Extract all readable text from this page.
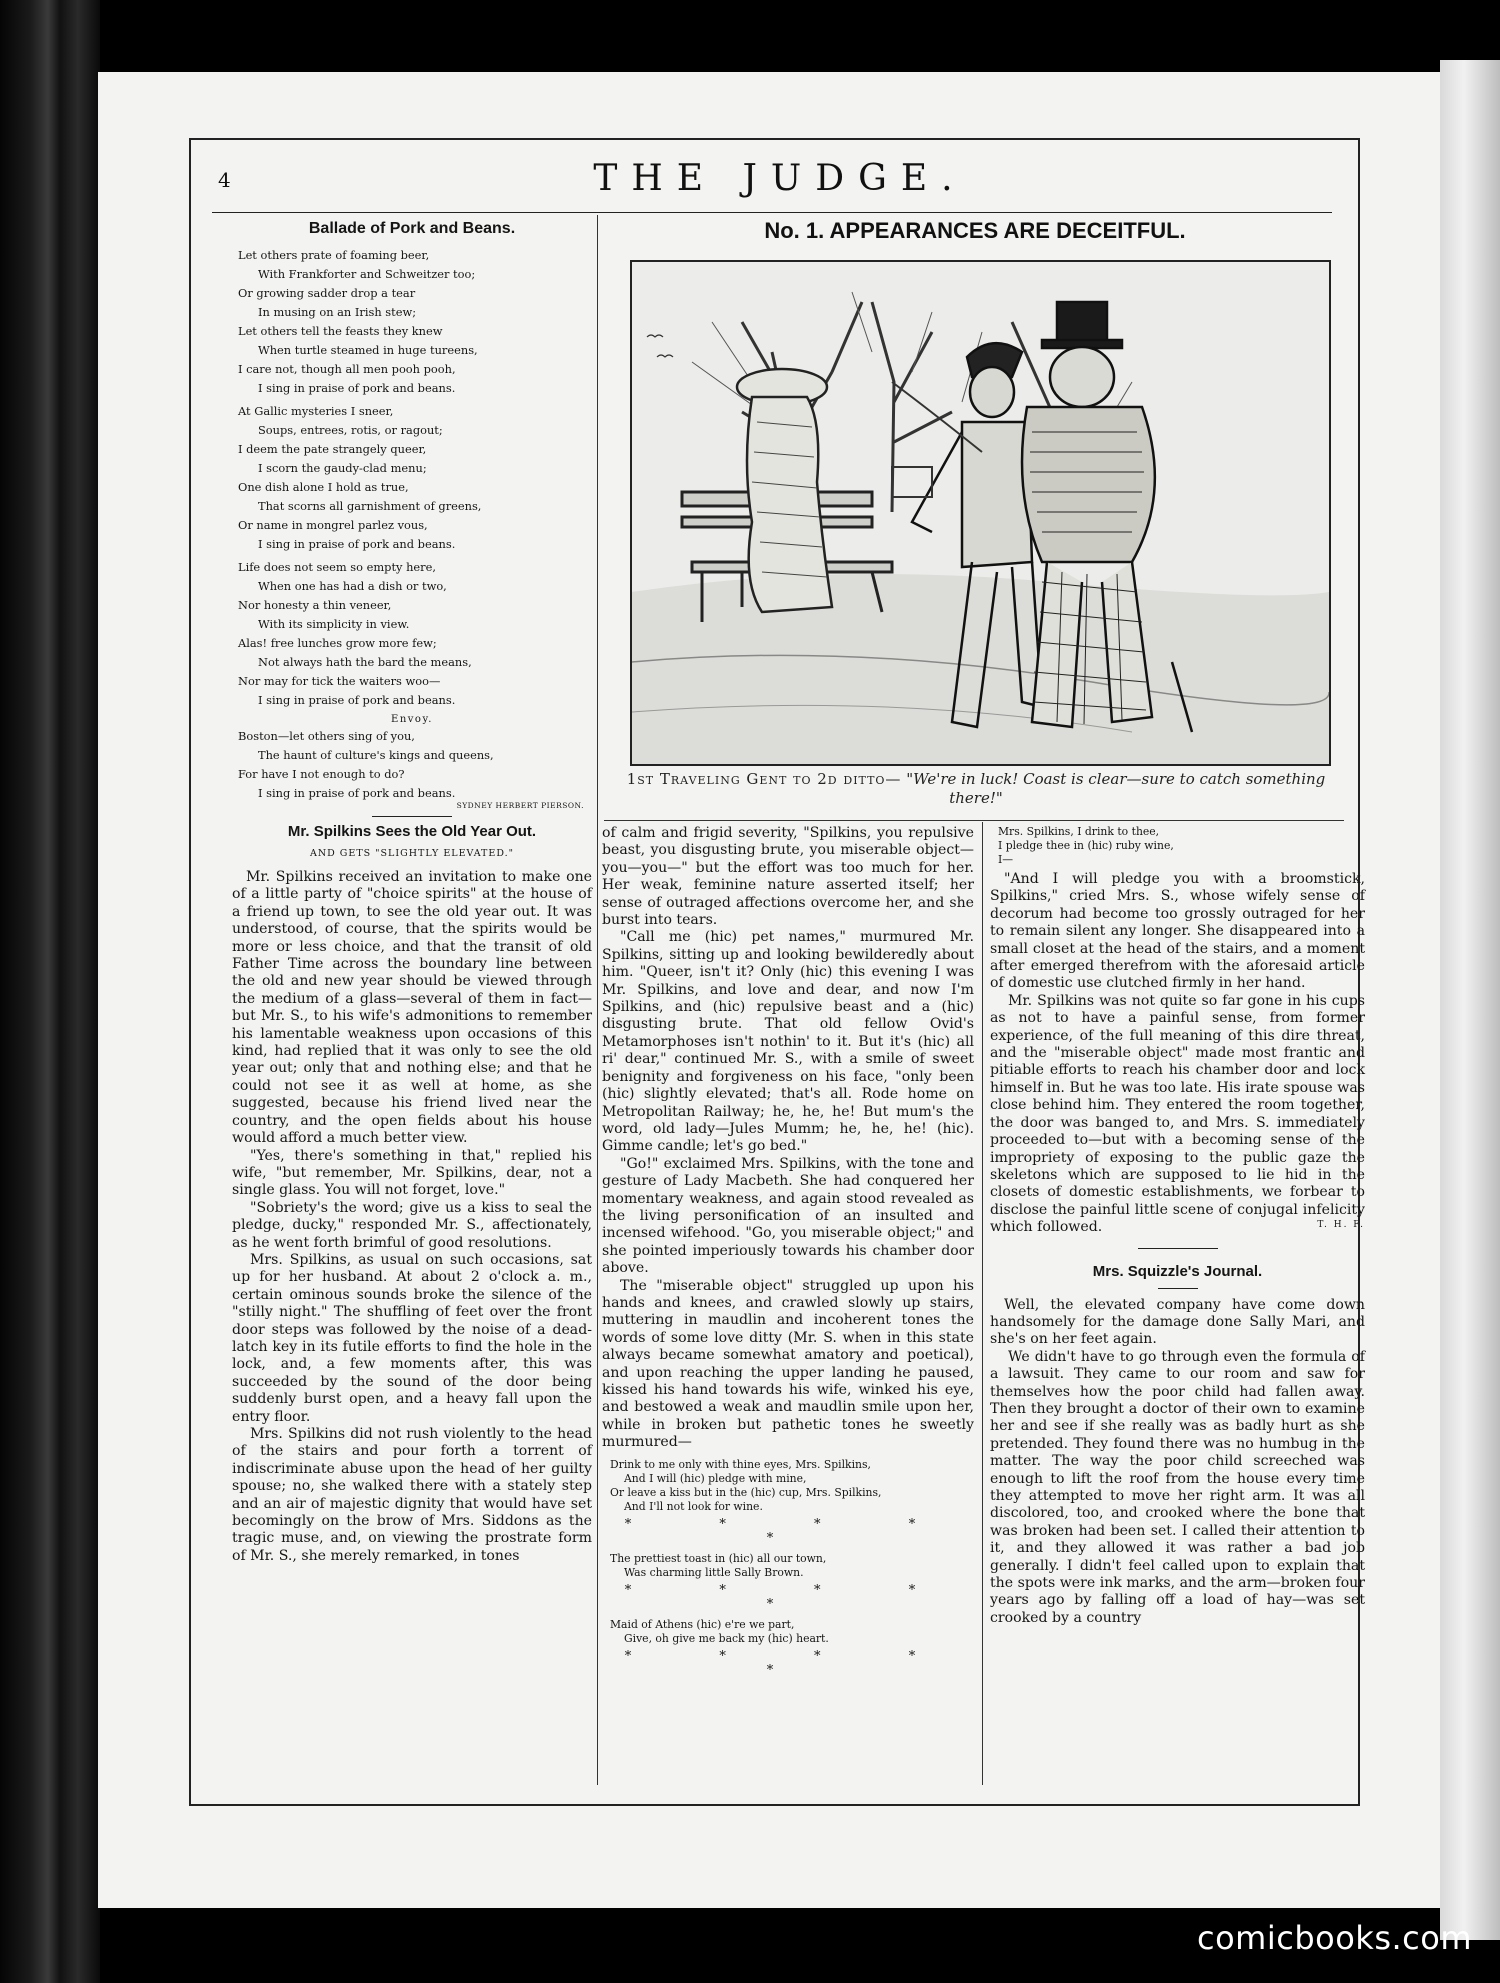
4	THE JUDGE.
Ballade of Pork and Beans.
Let others prate of foaming beer,
With Frankforter and Schweitzer too;
Or growing sadder drop a tear
In musing on an Irish stew;
Let others tell the feasts they knew
When turtle steamed in huge tureens,
I care not, though all men pooh pooh,
I sing in praise of pork and beans.
At Gallic mysteries I sneer,
Soups, entrees, rotis, or ragout;
I deem the pate strangely queer,
I scorn the gaudy-clad menu;
One dish alone I hold as true,
That scorns all garnishment of greens,
Or name in mongrel parlez vous,
I sing in praise of pork and beans.
Life does not seem so empty here,
When one has had a dish or two,
Nor honesty a thin veneer,
With its simplicity in view.
Alas! free lunches grow more few;
Not always hath the bard the means,
Nor may for tick the waiters woo—
I sing in praise of pork and beans.
Envoy.
Boston—let others sing of you,
The haunt of culture's kings and queens,
For have I not enough to do?
I sing in praise of pork and beans.
SYDNEY HERBERT PIERSON.
Mr. Spilkins Sees the Old Year Out.
AND GETS "SLIGHTLY ELEVATED."

Mr. Spilkins received an invitation to make one of a little party of "choice spirits" at the house of a friend up town, to see the old year out. It was understood, of course, that the spirits would be more or less choice, and that the transit of old Father Time across the boundary line between the old and new year should be viewed through the medium of a glass—several of them in fact—but Mr. S., to his wife's admonitions to remember his lamentable weakness upon occasions of this kind, had replied that it was only to see the old year out; only that and nothing else; and that he could not see it as well at home, as she suggested, because his friend lived near the country, and the open fields about his house would afford a much better view.

"Yes, there's something in that," replied his wife, "but remember, Mr. Spilkins, dear, not a single glass. You will not forget, love."

"Sobriety's the word; give us a kiss to seal the pledge, ducky," responded Mr. S., affectionately, as he went forth brimful of good resolutions.

Mrs. Spilkins, as usual on such occasions, sat up for her husband. At about 2 o'clock a. m., certain ominous sounds broke the silence of the "stilly night." The shuffling of feet over the front door steps was followed by the noise of a dead-latch key in its futile efforts to find the hole in the lock, and, a few moments after, this was succeeded by the sound of the door being suddenly burst open, and a heavy fall upon the entry floor.

Mrs. Spilkins did not rush violently to the head of the stairs and pour forth a torrent of indiscriminate abuse upon the head of her guilty spouse; no, she walked there with a stately step and an air of majestic dignity that would have set becomingly on the brow of Mrs. Siddons as the tragic muse, and, on viewing the prostrate form of Mr. S., she merely remarked, in tones

No. 1. APPEARANCES ARE DECEITFUL.
1st Traveling Gent to 2d ditto— "We're in luck! Coast is clear—sure to catch something there!"

of calm and frigid severity, "Spilkins, you repulsive beast, you disgusting brute, you miserable object—you—you—" but the effort was too much for her. Her weak, feminine nature asserted itself; her sense of outraged affections overcome her, and she burst into tears.

"Call me (hic) pet names," murmured Mr. Spilkins, sitting up and looking bewilderedly about him. "Queer, isn't it? Only (hic) this evening I was Mr. Spilkins, and love and dear, and now I'm Spilkins, and (hic) repulsive beast and a (hic) disgusting brute. That old fellow Ovid's Metamorphoses isn't nothin' to it. But it's (hic) all ri' dear," continued Mr. S., with a smile of sweet benignity and forgiveness on his face, "only been (hic) slightly elevated; that's all. Rode home on Metropolitan Railway; he, he, he! But mum's the word, old lady—Jules Mumm; he, he, he! (hic). Gimme candle; let's go bed."

"Go!" exclaimed Mrs. Spilkins, with the tone and gesture of Lady Macbeth. She had conquered her momentary weakness, and again stood revealed as the living personification of an insulted and incensed wifehood. "Go, you miserable object;" and she pointed imperiously towards his chamber door above.

The "miserable object" struggled up upon his hands and knees, and crawled slowly up stairs, muttering in maudlin and incoherent tones the words of some love ditty (Mr. S. when in this state always became somewhat amatory and poetical), and upon reaching the upper landing he paused, kissed his hand towards his wife, winked his eye, and bestowed a weak and maudlin smile upon her, while in broken but pathetic tones he sweetly murmured—

Drink to me only with thine eyes, Mrs. Spilkins,
And I will (hic) pledge with mine,
Or leave a kiss but in the (hic) cup, Mrs. Spilkins,
And I'll not look for wine.
* * * * *
The prettiest toast in (hic) all our town,
Was charming little Sally Brown.
* * * * *
Maid of Athens (hic) e're we part,
Give, oh give me back my (hic) heart.
* * * * *
Mrs. Spilkins, I drink to thee,
I pledge thee in (hic) ruby wine,
I—

"And I will pledge you with a broomstick, Spilkins," cried Mrs. S., whose wifely sense of decorum had become too grossly outraged for her to remain silent any longer. She disappeared into a small closet at the head of the stairs, and a moment after emerged therefrom with the aforesaid article of domestic use clutched firmly in her hand.

Mr. Spilkins was not quite so far gone in his cups as not to have a painful sense, from former experience, of the full meaning of this dire threat, and the "miserable object" made most frantic and pitiable efforts to reach his chamber door and lock himself in. But he was too late. His irate spouse was close behind him. They entered the room together, the door was banged to, and Mrs. S. immediately proceeded to—but with a becoming sense of the impropriety of exposing to the public gaze the skeletons which are supposed to lie hid in the closets of domestic establishments, we forbear to disclose the painful little scene of conjugal infelicity which followed.	T. H. F.
Mrs. Squizzle's Journal.

Well, the elevated company have come down handsomely for the damage done Sally Mari, and she's on her feet again.

We didn't have to go through even the formula of a lawsuit. They came to our room and saw for themselves how the poor child had fallen away. Then they brought a doctor of their own to examine her and see if she really was as badly hurt as she pretended. They found there was no humbug in the matter. The way the poor child screeched was enough to lift the roof from the house every time they attempted to move her right arm. It was all discolored, too, and crooked where the bone that was broken had been set. I called their attention to it, and they allowed it was rather a bad job generally. I didn't feel called upon to explain that the spots were ink marks, and the arm—broken four years ago by falling off a load of hay—was set crooked by a country

comicbooks.com
